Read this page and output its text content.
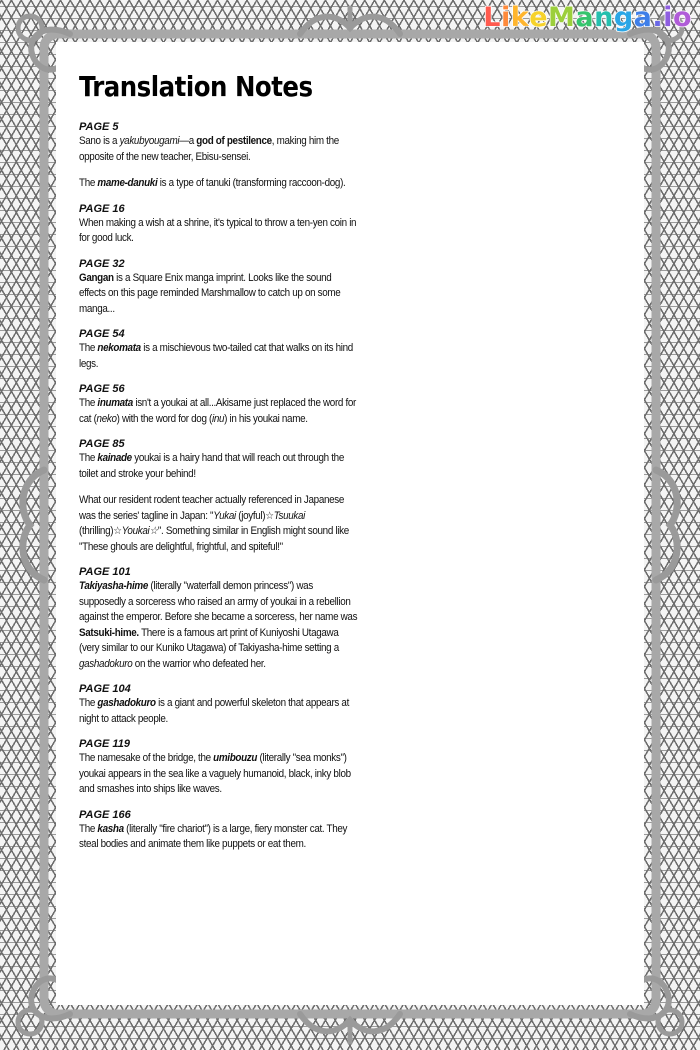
LikeManga.io
Translation Notes
PAGE 5

Sano is a yakubyougami—a god of pestilence, making him the opposite of the new teacher, Ebisu-sensei.

The mame-danuki is a type of tanuki (transforming raccoon-dog).

PAGE 16

When making a wish at a shrine, it's typical to throw a ten-yen coin in for good luck.

PAGE 32

Gangan is a Square Enix manga imprint. Looks like the sound effects on this page reminded Marshmallow to catch up on some manga...

PAGE 54

The nekomata is a mischievous two-tailed cat that walks on its hind legs.

PAGE 56

The inumata isn't a youkai at all...Akisame just replaced the word for cat (neko) with the word for dog (inu) in his youkai name.

PAGE 85

The kainade youkai is a hairy hand that will reach out through the toilet and stroke your behind!

What our resident rodent teacher actually referenced in Japanese was the series' tagline in Japan: "Yukai (joyful)☆Tsuukai (thrilling)☆Youkai☆". Something similar in English might sound like "These ghouls are delightful, frightful, and spiteful!"

PAGE 101

Takiyasha-hime (literally "waterfall demon princess") was supposedly a sorceress who raised an army of youkai in a rebellion against the emperor. Before she became a sorceress, her name was Satsuki-hime. There is a famous art print of Kuniyoshi Utagawa (very similar to our Kuniko Utagawa) of Takiyasha-hime setting a gashadokuro on the warrior who defeated her.

PAGE 104

The gashadokuro is a giant and powerful skeleton that appears at night to attack people.

PAGE 119

The namesake of the bridge, the umibouzu (literally "sea monks") youkai appears in the sea like a vaguely humanoid, black, inky blob and smashes into ships like waves.

PAGE 166

The kasha (literally "fire chariot") is a large, fiery monster cat. They steal bodies and animate them like puppets or eat them.
